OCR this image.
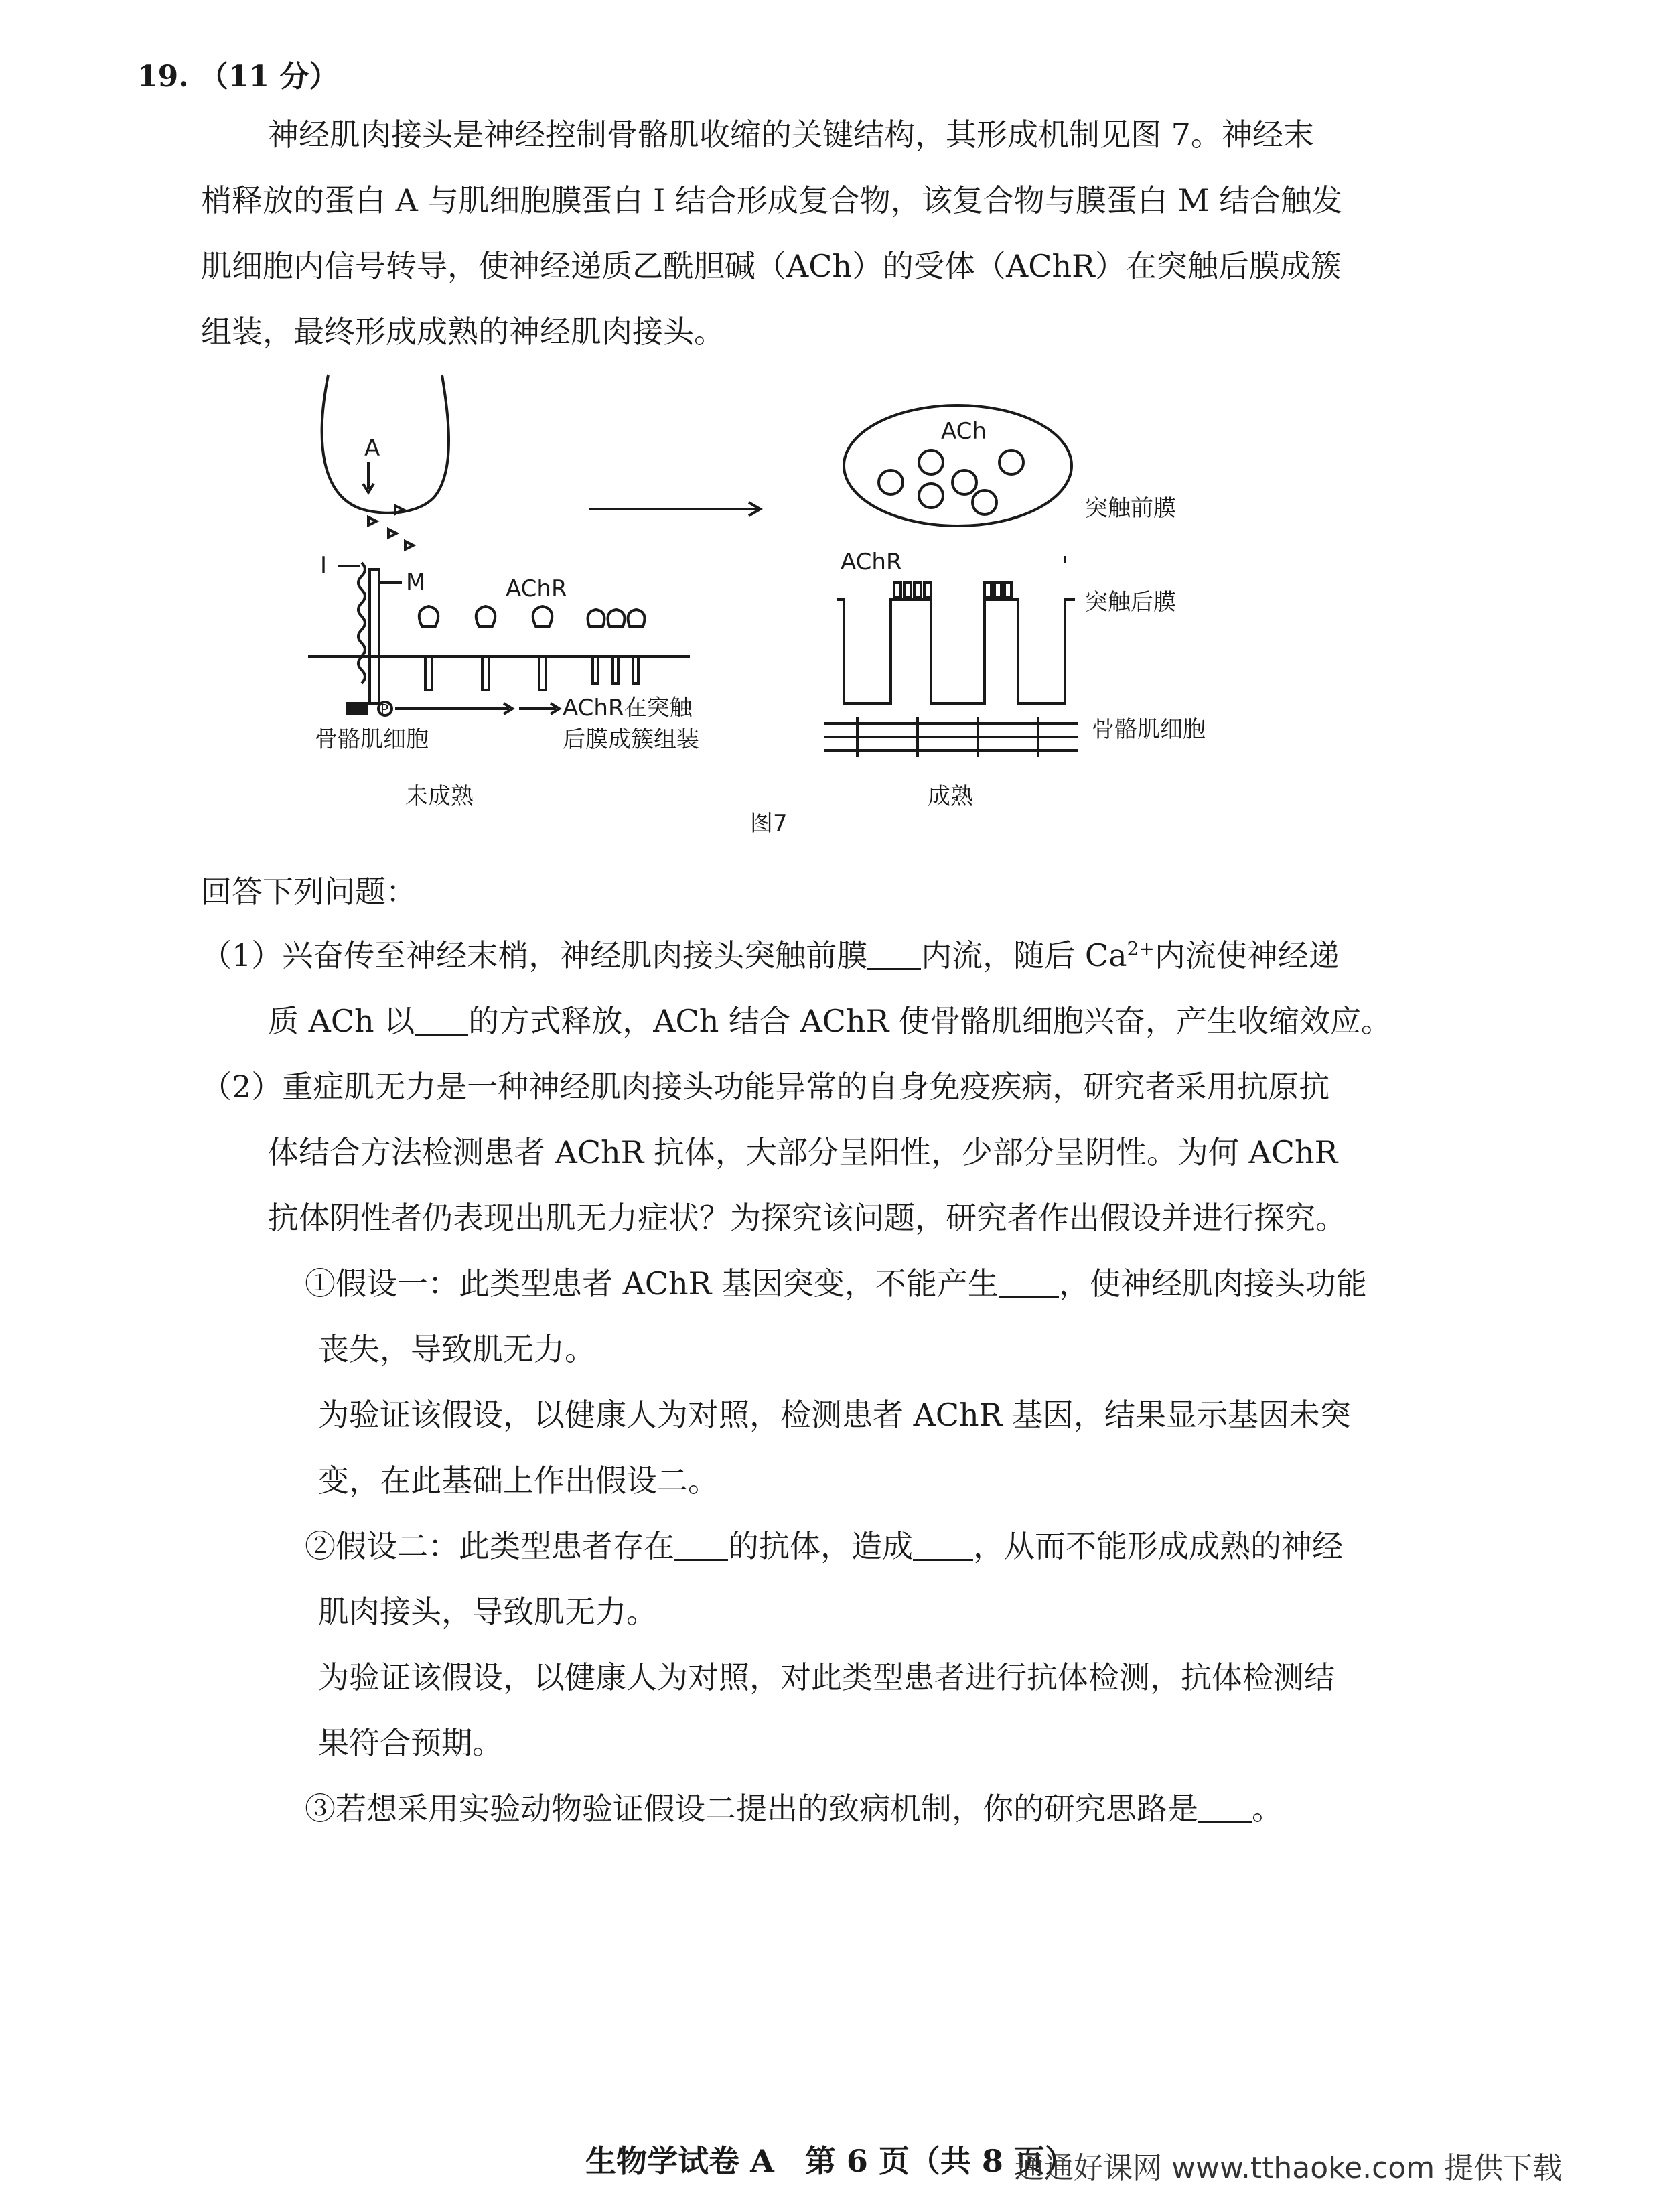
19. （11 分）
神经肌肉接头是神经控制骨骼肌收缩的关键结构，其形成机制见图 7。神经末
梢释放的蛋白 A 与肌细胞膜蛋白 I 结合形成复合物，该复合物与膜蛋白 M 结合触发
肌细胞内信号转导，使神经递质乙酰胆碱（ACh）的受体（AChR）在突触后膜成簇
组装，最终形成成熟的神经肌肉接头。
A
I
M	AChR
P	AChR在突触
后膜成簇组装
骨骼肌细胞
未成熟
ACh
突触前膜
AChR
突触后膜
骨骼肌细胞
成熟
图7
回答下列问题：
（1）兴奋传至神经末梢，神经肌肉接头突触前膜 内流，随后 $Ca^{2+}$内流使神经递
质 ACh 以 的方式释放，ACh 结合 AChR 使骨骼肌细胞兴奋，产生收缩效应。
（2）重症肌无力是一种神经肌肉接头功能异常的自身免疫疾病，研究者采用抗原抗
体结合方法检测患者 AChR 抗体，大部分呈阳性，少部分呈阴性。为何 AChR
抗体阴性者仍表现出肌无力症状？为探究该问题，研究者作出假设并进行探究。
①假设一：此类型患者 AChR 基因突变，不能产生 ，使神经肌肉接头功能
丧失，导致肌无力。
为验证该假设，以健康人为对照，检测患者 AChR 基因，结果显示基因未突
变，在此基础上作出假设二。
②假设二：此类型患者存在 的抗体，造成 ，从而不能形成成熟的神经
肌肉接头，导致肌无力。
为验证该假设，以健康人为对照，对此类型患者进行抗体检测，抗体检测结
果符合预期。
③若想采用实验动物验证假设二提出的致病机制，你的研究思路是 。
生物学试卷 A　第 6 页（共 8 页）
通通好课网 www.tthaoke.com 提供下载
